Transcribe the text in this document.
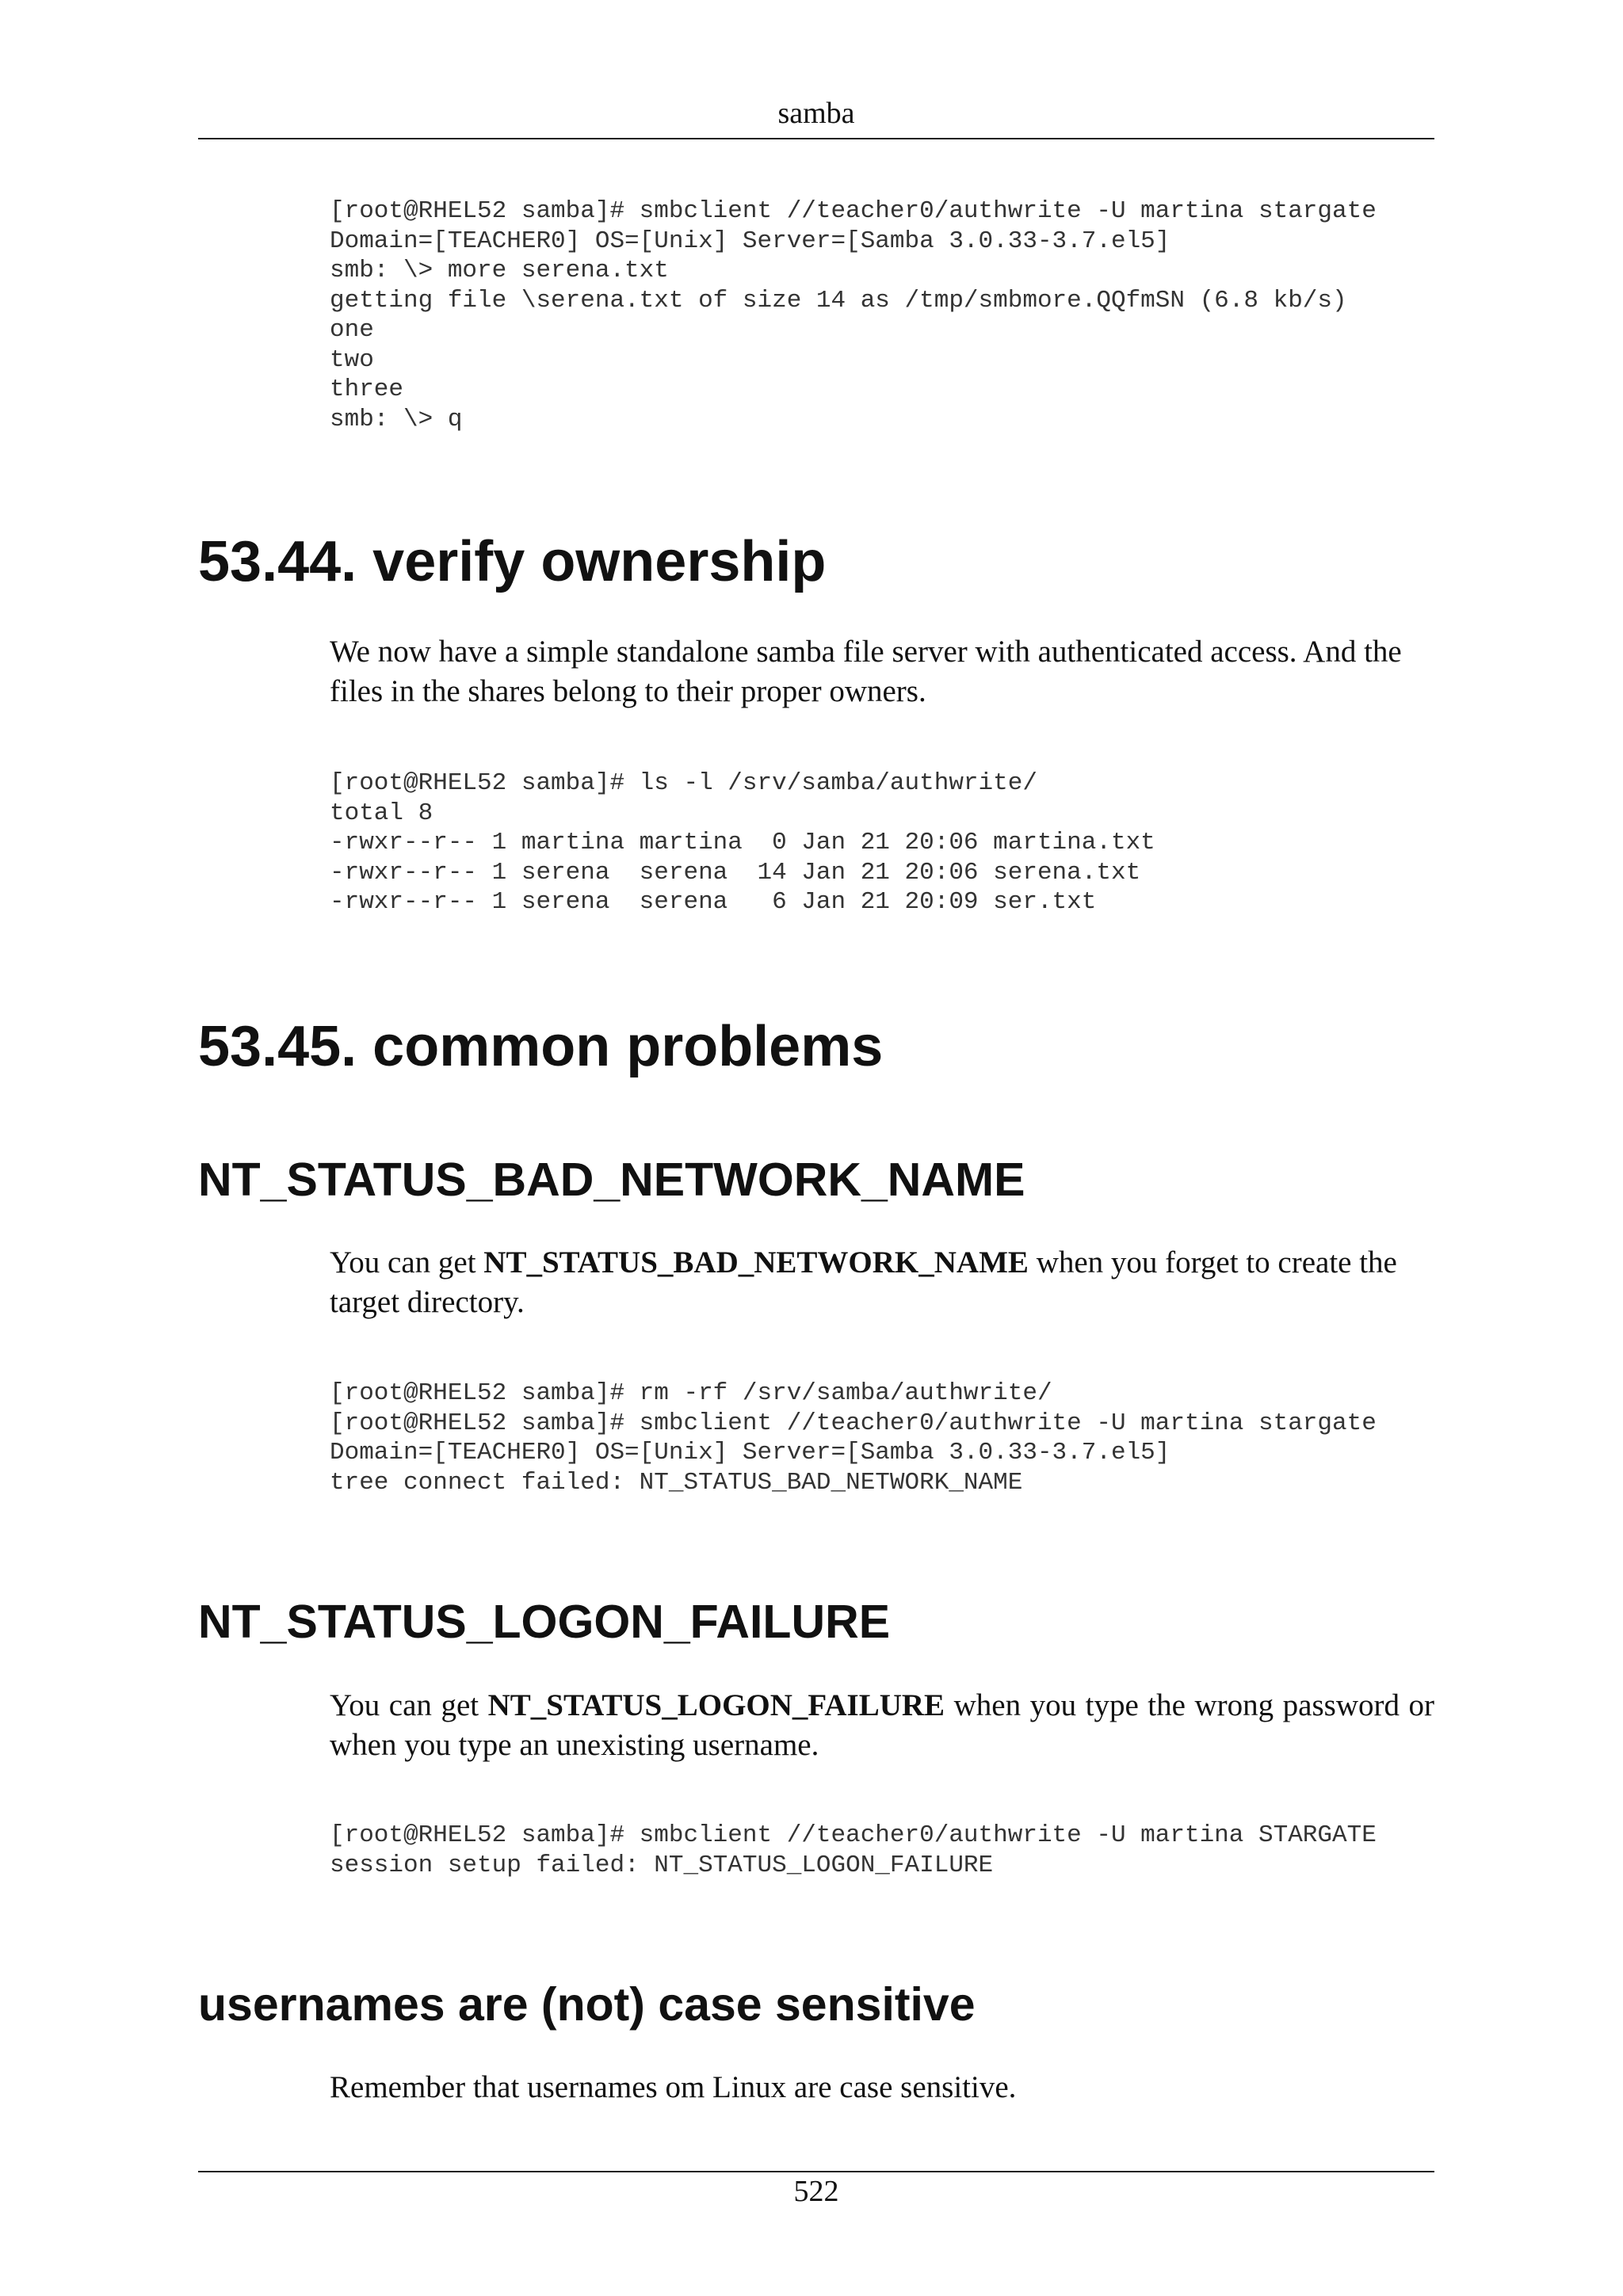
samba
[root@RHEL52 samba]# smbclient //teacher0/authwrite -U martina stargate
Domain=[TEACHER0] OS=[Unix] Server=[Samba 3.0.33-3.7.el5]
smb: \> more serena.txt
getting file \serena.txt of size 14 as /tmp/smbmore.QQfmSN (6.8 kb/s)
one
two
three
smb: \> q
53.44. verify ownership

We now have a simple standalone samba file server with authenticated access. And the files in the shares belong to their proper owners.

[root@RHEL52 samba]# ls -l /srv/samba/authwrite/
total 8
-rwxr--r-- 1 martina martina  0 Jan 21 20:06 martina.txt
-rwxr--r-- 1 serena  serena  14 Jan 21 20:06 serena.txt
-rwxr--r-- 1 serena  serena   6 Jan 21 20:09 ser.txt
53.45. common problems
NT_STATUS_BAD_NETWORK_NAME

You can get NT_STATUS_BAD_NETWORK_NAME when you forget to create the target directory.

[root@RHEL52 samba]# rm -rf /srv/samba/authwrite/
[root@RHEL52 samba]# smbclient //teacher0/authwrite -U martina stargate
Domain=[TEACHER0] OS=[Unix] Server=[Samba 3.0.33-3.7.el5]
tree connect failed: NT_STATUS_BAD_NETWORK_NAME
NT_STATUS_LOGON_FAILURE

You can get NT_STATUS_LOGON_FAILURE when you type the wrong password or when you type an unexisting username.

[root@RHEL52 samba]# smbclient //teacher0/authwrite -U martina STARGATE
session setup failed: NT_STATUS_LOGON_FAILURE
usernames are (not) case sensitive

Remember that usernames om Linux are case sensitive.

522
